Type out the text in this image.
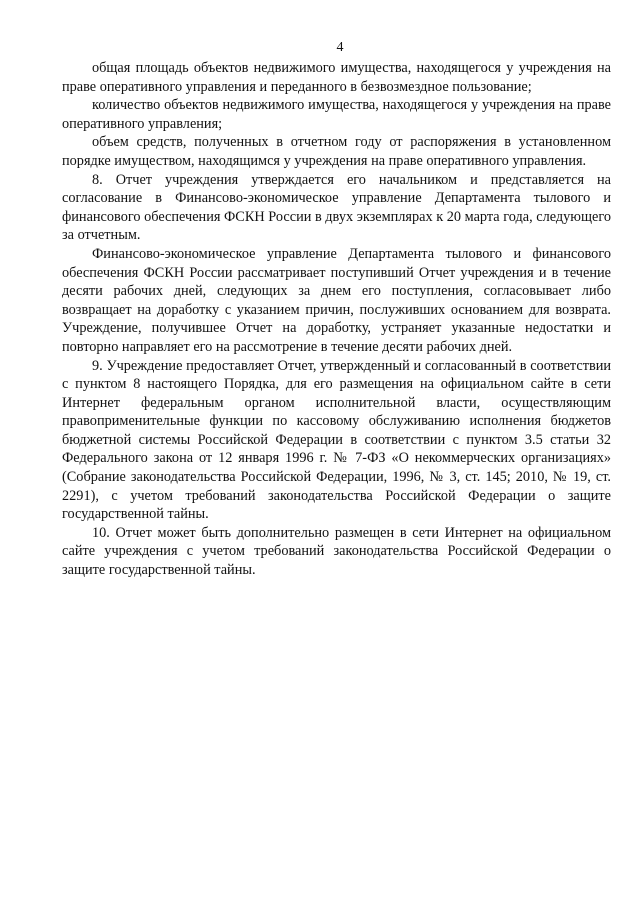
4

общая площадь объектов недвижимого имущества, находящегося у учреждения на праве оперативного управления и переданного в безвозмездное пользование;

количество объектов недвижимого имущества, находящегося у учреждения на праве оперативного управления;

объем средств, полученных в отчетном году от распоряжения в установленном порядке имуществом, находящимся у учреждения на праве оперативного управления.

8. Отчет учреждения утверждается его начальником и представляется на согласование в Финансово-экономическое управление Департамента тылового и финансового обеспечения ФСКН России в двух экземплярах к 20 марта года, следующего за отчетным.

Финансово-экономическое управление Департамента тылового и финансового обеспечения ФСКН России рассматривает поступивший Отчет учреждения и в течение десяти рабочих дней, следующих за днем его поступления, согласовывает либо возвращает на доработку с указанием причин, послуживших основанием для возврата. Учреждение, получившее Отчет на доработку, устраняет указанные недостатки и повторно направляет его на рассмотрение в течение десяти рабочих дней.

9. Учреждение предоставляет Отчет, утвержденный и согласованный в соответствии с пунктом 8 настоящего Порядка, для его размещения на официальном сайте в сети Интернет федеральным органом исполнительной власти, осуществляющим правоприменительные функции по кассовому обслуживанию исполнения бюджетов бюджетной системы Российской Федерации в соответствии с пунктом 3.5 статьи 32 Федерального закона от 12 января 1996 г. № 7-ФЗ «О некоммерческих организациях» (Собрание законодательства Российской Федерации, 1996, № 3, ст. 145; 2010, № 19, ст. 2291), с учетом требований законодательства Российской Федерации о защите государственной тайны.

10. Отчет может быть дополнительно размещен в сети Интернет на официальном сайте учреждения с учетом требований законодательства Российской Федерации о защите государственной тайны.
